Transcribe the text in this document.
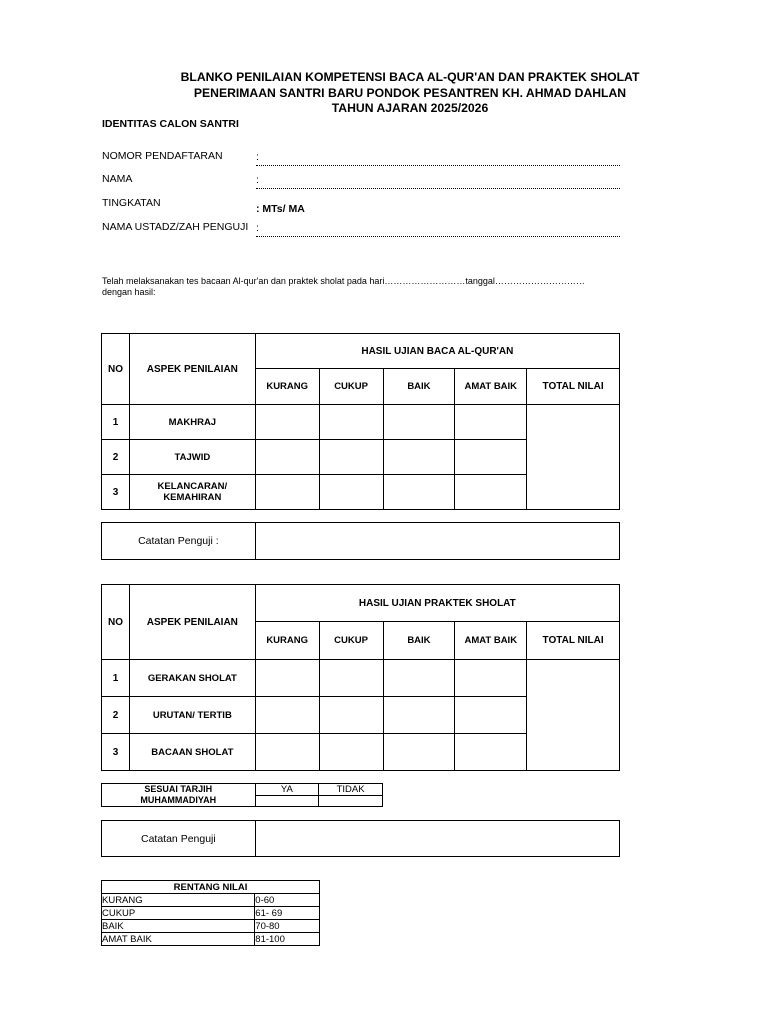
BLANKO PENILAIAN KOMPETENSI BACA AL-QUR'AN DAN PRAKTEK SHOLAT
PENERIMAAN SANTRI BARU PONDOK PESANTREN KH. AHMAD DAHLAN
TAHUN AJARAN 2025/2026
IDENTITAS CALON SANTRI
NOMOR PENDAFTARAN	:
NAMA	:
TINGKATAN	: MTs/ MA
NAMA USTADZ/ZAH PENGUJI :
Telah melaksanakan tes bacaan Al-qur'an dan praktek sholat pada hari………………………tanggal…………………………
dengan hasil:
NO	ASPEK PENILAIAN	HASIL UJIAN BACA AL-QUR'AN				
		KURANG	CUKUP	BAIK	AMAT BAIK	TOTAL NILAI
1	MAKHRAJ					
2	TAJWID					
3	KELANCARAN/
KEMAHIRAN					

Catatan Penguji :	
NO	ASPEK PENILAIAN	HASIL UJIAN PRAKTEK SHOLAT				
		KURANG	CUKUP	BAIK	AMAT BAIK	TOTAL NILAI
1	GERAKAN SHOLAT					
2	URUTAN/ TERTIB					
3	BACAAN SHOLAT					
SESUAI TARJIH
MUHAMMADIYAH	YA	TIDAK

Catatan Penguji	
RENTANG NILAI	
KURANG	0-60
CUKUP	61- 69
BAIK	70-80
AMAT BAIK	81-100
